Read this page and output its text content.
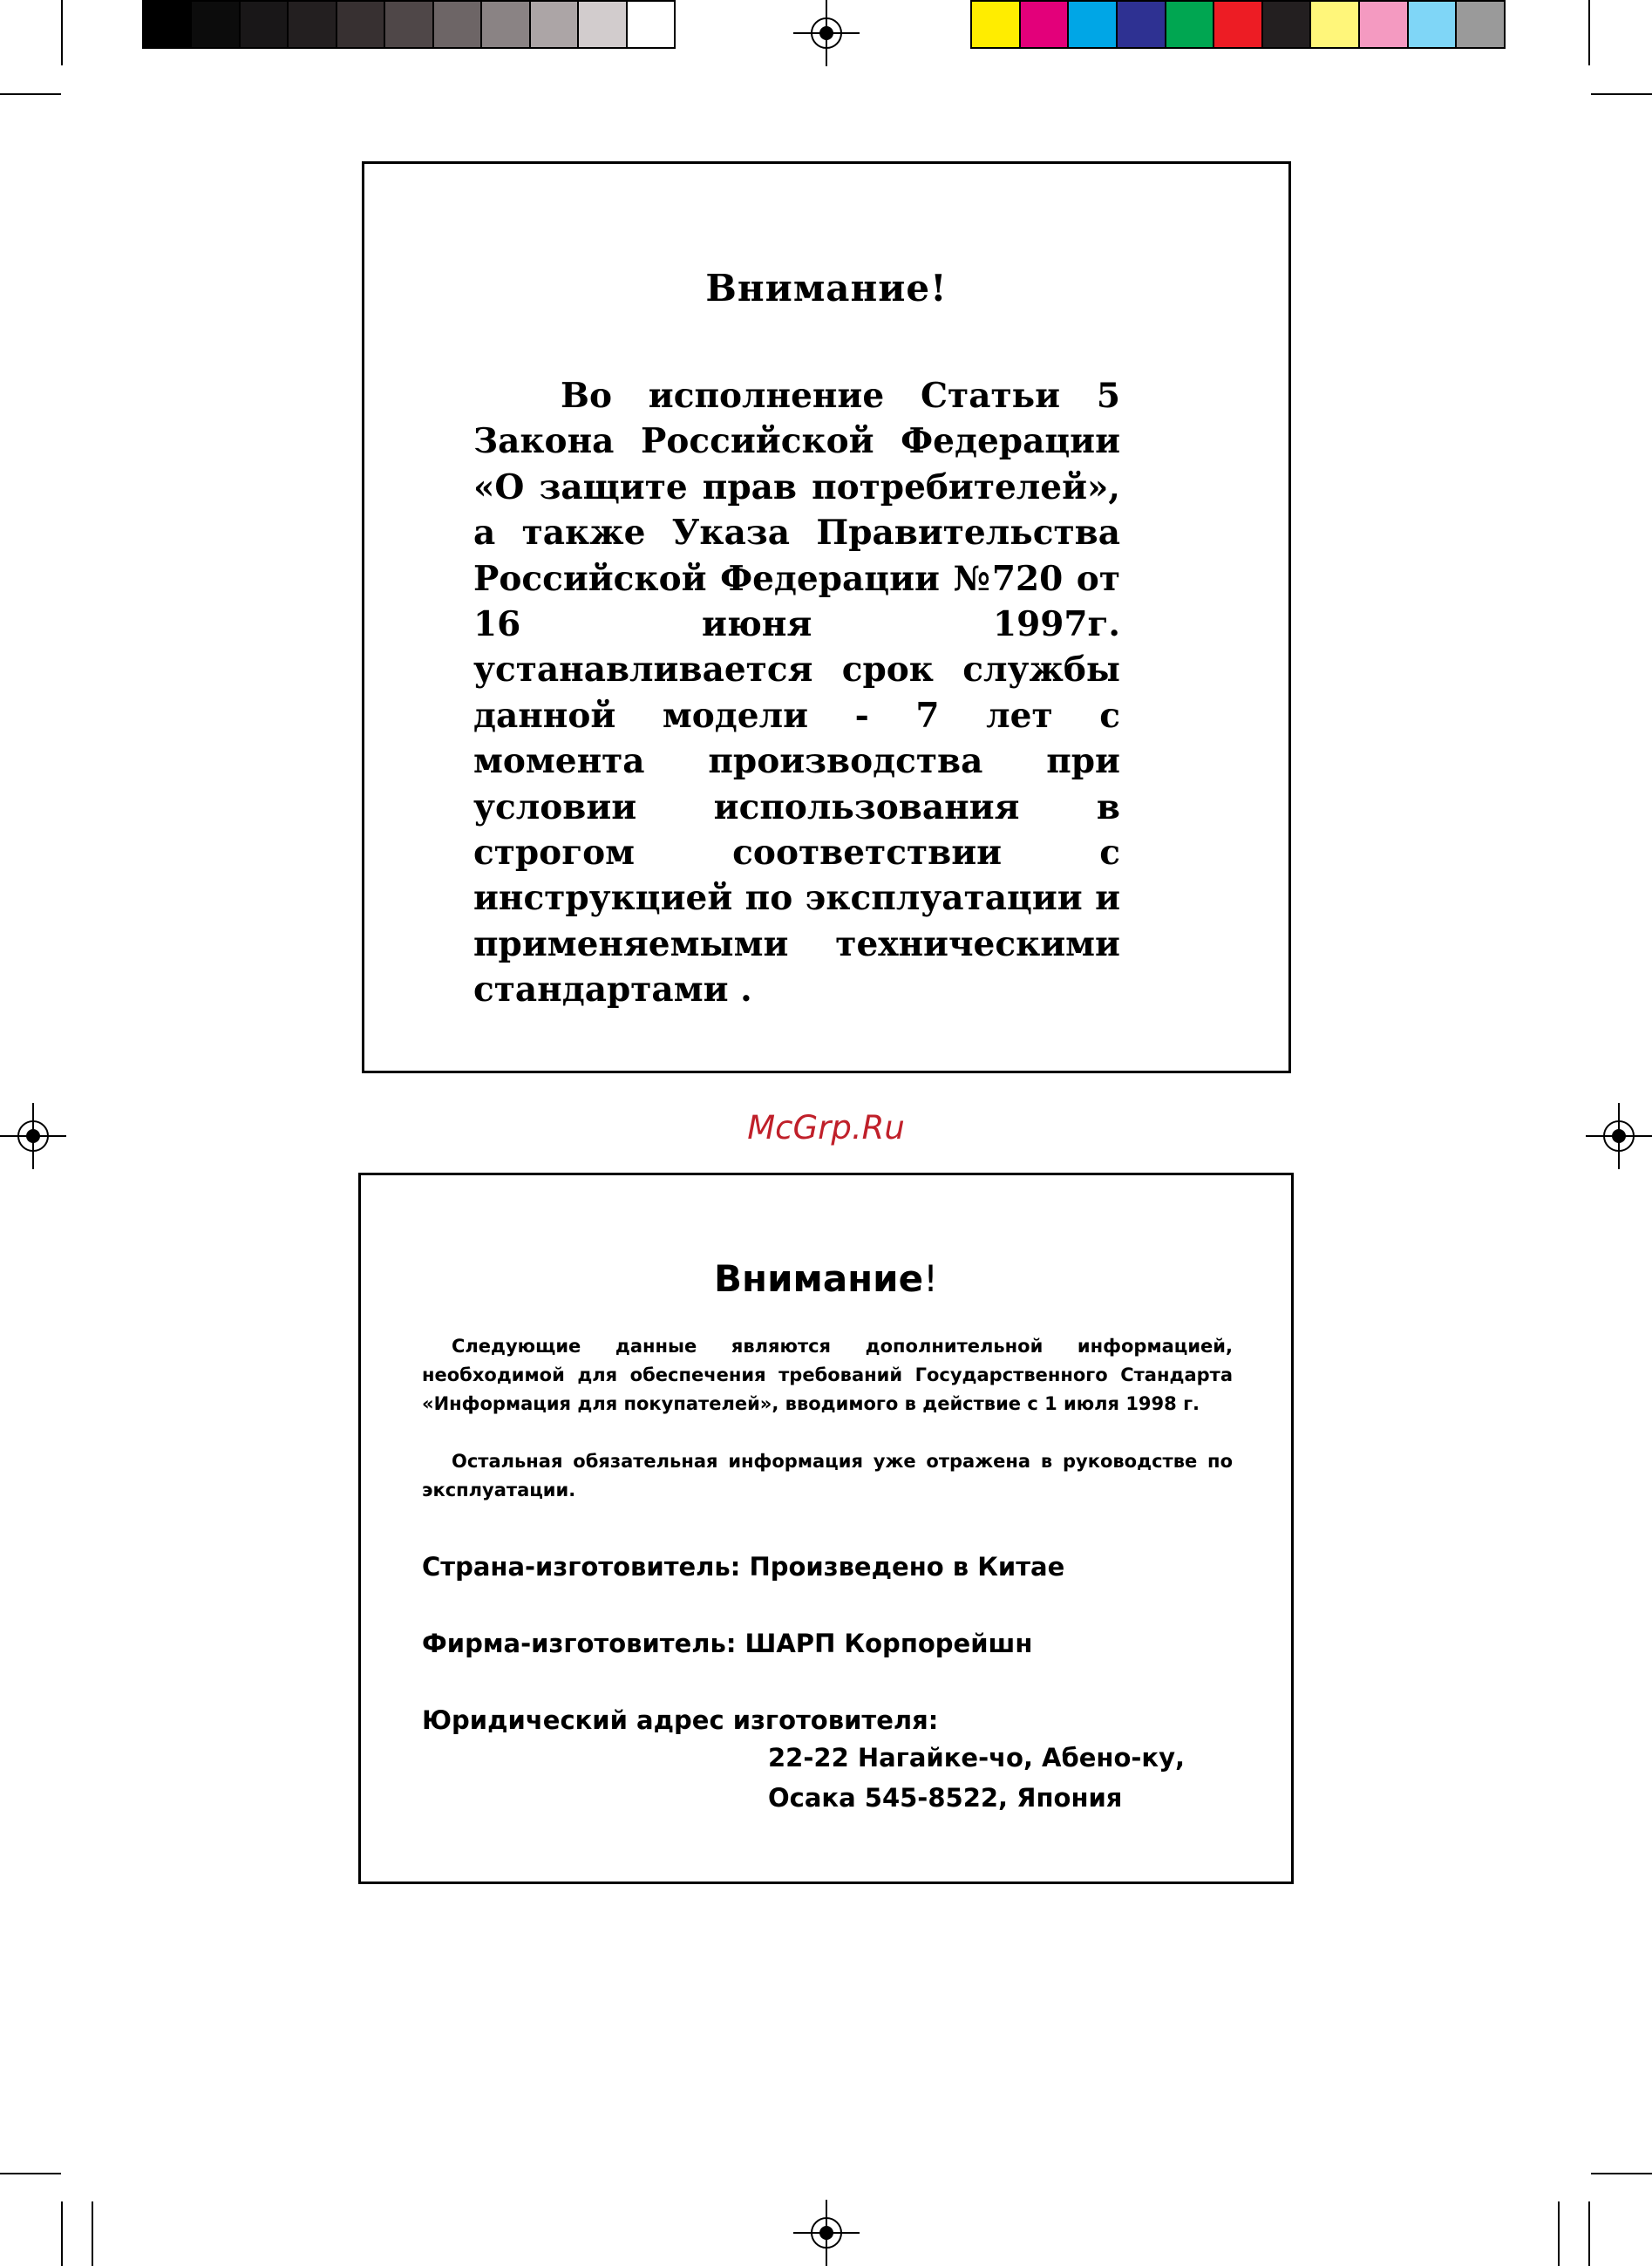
Внимание!

Во исполнение Статьи 5 Закона Российской Федерации «О защите прав потребителей», а также Указа Правительства Российской Федерации №720 от 16 июня 1997г. устанавливается срок службы данной модели - 7 лет с момента производства при условии использования в строгом соответствии с инструкцией по эксплуатации и применяемыми техническими стандартами .

McGrp.Ru
Внимание!

Следующие данные являются дополнительной информацией, необходимой для обеспечения требований Государственного Стандарта «Информация для покупателей», вводимого в действие с 1 июля 1998 г.

Остальная обязательная информация уже отражена в руководстве по эксплуатации.

Страна-изготовитель: Произведено в Китае

Фирма-изготовитель: ШАРП Корпорейшн

Юридический адрес изготовителя:

22-22 Нагайке-чо, Абено-ку,

Осака 545-8522, Япония
